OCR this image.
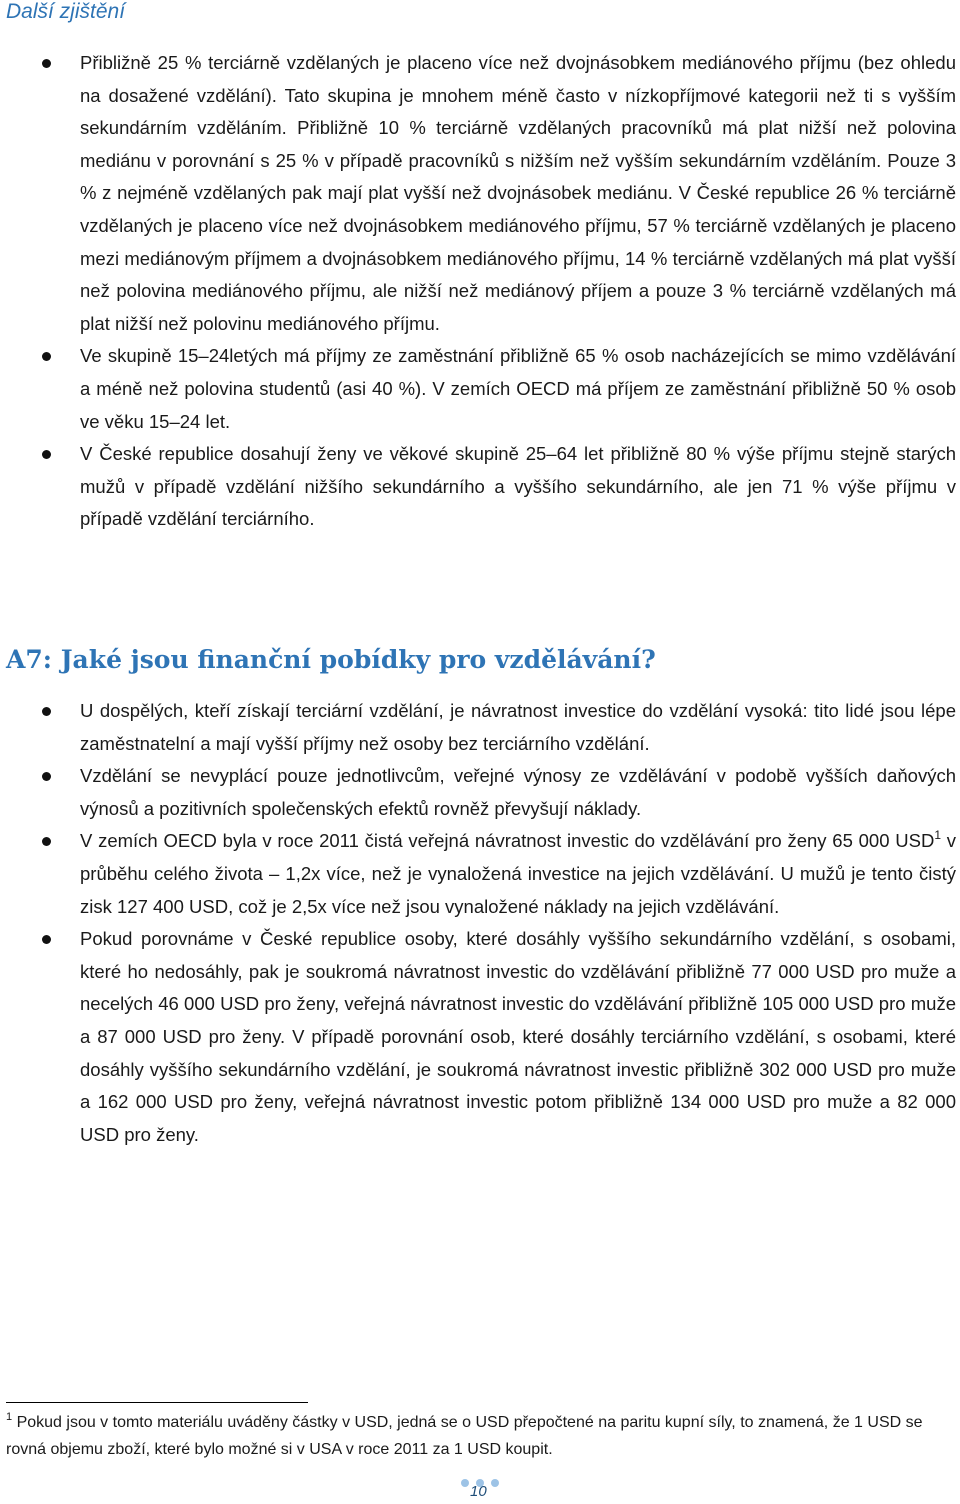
Další zjištění
Přibližně 25 % terciárně vzdělaných je placeno více než dvojnásobkem mediánového příjmu (bez ohledu na dosažené vzdělání). Tato skupina je mnohem méně často v nízkopříjmové kategorii než ti s vyšším sekundárním vzděláním. Přibližně 10 % terciárně vzdělaných pracovníků má plat nižší než polovina mediánu v porovnání s 25 % v případě pracovníků s nižším než vyšším sekundárním vzděláním. Pouze 3 % z nejméně vzdělaných pak mají plat vyšší než dvojnásobek mediánu. V České republice 26 % terciárně vzdělaných je placeno více než dvojnásobkem mediánového příjmu, 57 % terciárně vzdělaných je placeno mezi mediánovým příjmem a dvojnásobkem mediánového příjmu, 14 % terciárně vzdělaných má plat vyšší než polovina mediánového příjmu, ale nižší než mediánový příjem a pouze 3 % terciárně vzdělaných má plat nižší než polovinu mediánového příjmu.
Ve skupině 15–24letých má příjmy ze zaměstnání přibližně 65 % osob nacházejících se mimo vzdělávání a méně než polovina studentů (asi 40 %). V zemích OECD má příjem ze zaměstnání přibližně 50 % osob ve věku 15–24 let.
V České republice dosahují ženy ve věkové skupině 25–64 let přibližně 80 % výše příjmu stejně starých mužů v případě vzdělání nižšího sekundárního a vyššího sekundárního, ale jen 71 % výše příjmu v případě vzdělání terciárního.
A7: Jaké jsou finanční pobídky pro vzdělávání?
U dospělých, kteří získají terciární vzdělání, je návratnost investice do vzdělání vysoká: tito lidé jsou lépe zaměstnatelní a mají vyšší příjmy než osoby bez terciárního vzdělání.
Vzdělání se nevyplácí pouze jednotlivcům, veřejné výnosy ze vzdělávání v podobě vyšších daňových výnosů a pozitivních společenských efektů rovněž převyšují náklady.
V zemích OECD byla v roce 2011 čistá veřejná návratnost investic do vzdělávání pro ženy 65 000 USD$^1$ v průběhu celého života – 1,2x více, než je vynaložená investice na jejich vzdělávání. U mužů je tento čistý zisk 127 400 USD, což je 2,5x více než jsou vynaložené náklady na jejich vzdělávání.
Pokud porovnáme v České republice osoby, které dosáhly vyššího sekundárního vzdělání, s osobami, které ho nedosáhly, pak je soukromá návratnost investic do vzdělávání přibližně 77 000 USD pro muže a necelých 46 000 USD pro ženy, veřejná návratnost investic do vzdělávání přibližně 105 000 USD pro muže a 87 000 USD pro ženy. V případě porovnání osob, které dosáhly terciárního vzdělání, s osobami, které dosáhly vyššího sekundárního vzdělání, je soukromá návratnost investic přibližně 302 000 USD pro muže a 162 000 USD pro ženy, veřejná návratnost investic potom přibližně 134 000 USD pro muže a 82 000 USD pro ženy.
$^1$ Pokud jsou v tomto materiálu uváděny částky v USD, jedná se o USD přepočtené na paritu kupní síly, to znamená, že 1 USD se rovná objemu zboží, které bylo možné si v USA v roce 2011 za 1 USD koupit.
10
